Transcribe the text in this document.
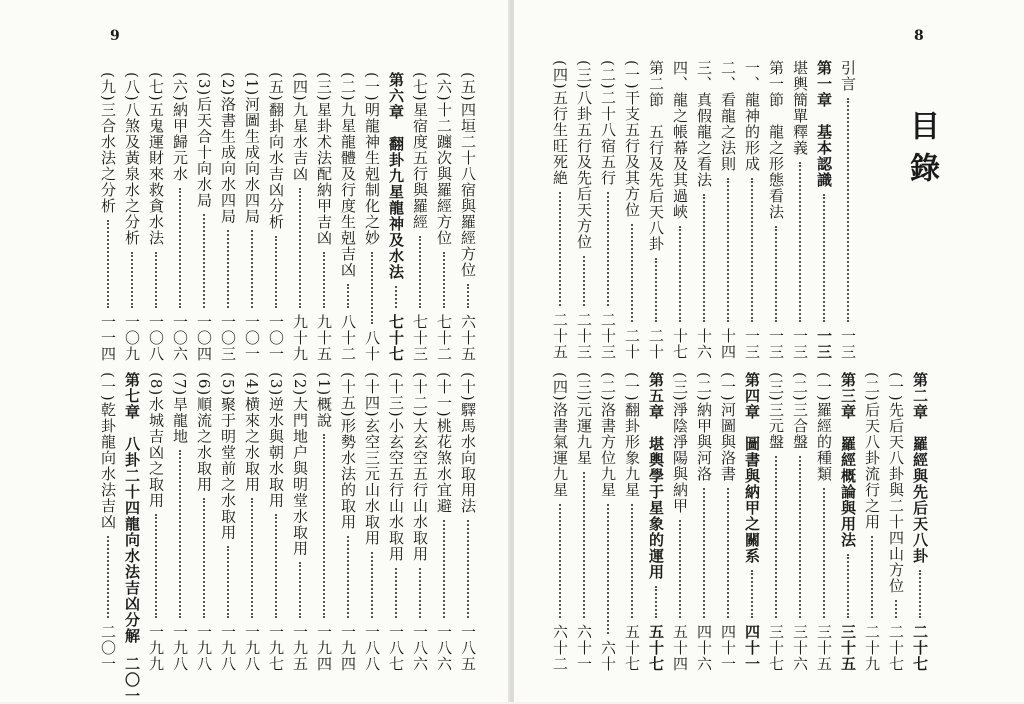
9
(五)四垣二十八宿與羅經方位
六十五
(六)十二躔次與羅經方位
七十二
(七)星宿度五行與羅經
七十三
第六章　翻卦九星龍神及水法
七十七
(一)明龍神生剋制化之妙
八十
(二)九星龍體及行度生剋吉凶
八十二
(三)星卦术法配納甲吉凶
九十五
(四)九星水吉凶
九十九
(五)翻卦向水吉凶分析
一〇一
(1)河圖生成向水四局
一〇一
(2)洛書生成向水四局
一〇三
(3)后天合十向水局
一〇四
(六)納甲歸元水
一〇六
(七)五鬼運財來救貪水法
一〇八
(八)八煞及黃泉水之分析
一〇九
(九)三合水法之分析
一一四
(十)驛馬水向取用法
一八五
(十一)桃花煞水宜避
一八六
(十二)大玄空五行山水取用
一八六
(十三)小玄空五行山水取用
一八七
(十四)玄空三元山水取用
一八八
(十五)形勢水法的取用
一九四
(1)概說
一九四
(2)大門地户與明堂水取用
一九五
(3)逆水與朝水取用
一九七
(4)横來之水取用
一九八
(5)聚于明堂前之水取用
一九八
(6)順流之水取用
一九八
(7)旱龍地
一九八
(8)水城吉凶之取用
一九九
第七章　八卦二十四龍向水法吉凶分解
二〇一
(一)乾卦龍向水法吉凶
二〇一
8
目錄
引言
一三
第一章　基本認識
一三
堪輿簡單釋義
一三
第一節　龍之形態看法
一三
一、龍神的形成
一三
二、看龍之法則
十四
三、真假龍之看法
十六
四、龍之帳幕及其過峽
十七
第二節　五行及先后天八卦
二十
(一)干支五行及其方位
二十
(二)二十八宿五行
二十三
(三)八卦五行及先后天方位
二十三
(四)五行生旺死絶
二十五
第二章　羅經與先后天八卦
二十七
(一)先后天八卦與二十四山方位
二十七
(二)后天八卦流行之用
二十九
第三章　羅經概論與用法
三十五
(一)羅經的種類
三十五
(二)三合盤
三十六
(三)三元盤
三十七
第四章　圖書與納甲之關系
四十一
(一)河圖與洛書
四十一
(二)納甲與河洛
四十六
(三)淨陰淨陽與納甲
五十四
第五章　堪輿學于星象的運用
五十七
(一)翻卦形象九星
五十七
(二)洛書方位九星
六十
(三)元運九星
六十一
(四)洛書氣運九星
六十二
